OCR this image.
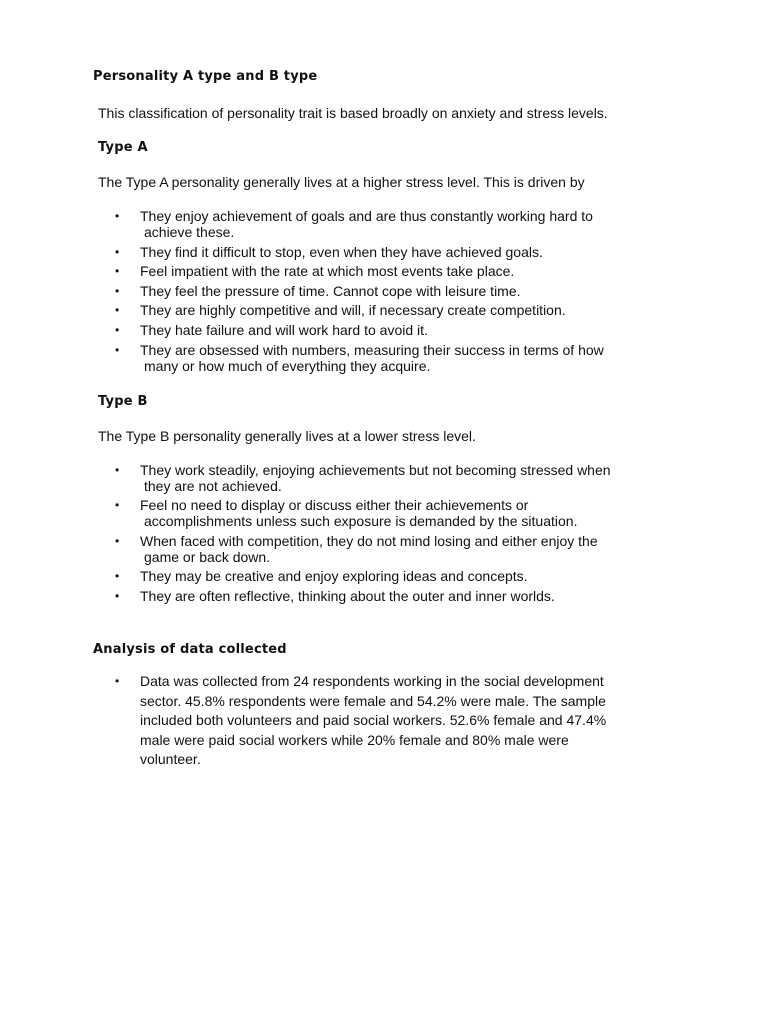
Personality A type and B type

This classification of personality trait is based broadly on anxiety and stress levels.

Type A

The Type A personality generally lives at a higher stress level. This is driven by

• They enjoy achievement of goals and are thus constantly working hard to
achieve these.
• They find it difficult to stop, even when they have achieved goals.
• Feel impatient with the rate at which most events take place.
• They feel the pressure of time. Cannot cope with leisure time.
• They are highly competitive and will, if necessary create competition.
• They hate failure and will work hard to avoid it.
• They are obsessed with numbers, measuring their success in terms of how
many or how much of everything they acquire.
Type B

The Type B personality generally lives at a lower stress level.

• They work steadily, enjoying achievements but not becoming stressed when
they are not achieved.
• Feel no need to display or discuss either their achievements or
accomplishments unless such exposure is demanded by the situation.
• When faced with competition, they do not mind losing and either enjoy the
game or back down.
• They may be creative and enjoy exploring ideas and concepts.
• They are often reflective, thinking about the outer and inner worlds.
Analysis of data collected
• Data was collected from 24 respondents working in the social development
sector. 45.8% respondents were female and 54.2% were male. The sample
included both volunteers and paid social workers. 52.6% female and 47.4%
male were paid social workers while 20% female and 80% male were
volunteer.
